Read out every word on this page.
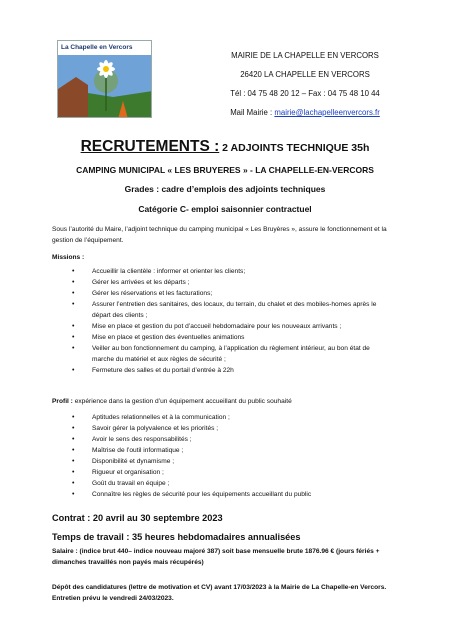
La Chapelle en Vercors
MAIRIE DE LA CHAPELLE EN VERCORS
26420 LA CHAPELLE EN VERCORS
Tél : 04 75 48 20 12 – Fax : 04 75 48 10 44
Mail Mairie : mairie@lachapelleenvercors.fr
RECRUTEMENTS : 2 ADJOINTS TECHNIQUE 35h
CAMPING MUNICIPAL « LES BRUYERES » - LA CHAPELLE-EN-VERCORS
Grades : cadre d’emplois des adjoints techniques
Catégorie C- emploi saisonnier contractuel
Sous l’autorité du Maire, l’adjoint technique du camping municipal « Les Bruyères », assure le fonctionnement et la gestion de l’équipement.
Missions :
• Accueillir la clientèle : informer et orienter les clients;
• Gérer les arrivées et les départs ;
• Gérer les réservations et les facturations;
• Assurer l’entretien des sanitaires, des locaux, du terrain, du chalet et des mobiles-homes après le départ des clients ;
• Mise en place et gestion du pot d’accueil hebdomadaire pour les nouveaux arrivants ;
• Mise en place et gestion des éventuelles animations
• Veiller au bon fonctionnement du camping, à l’application du règlement intérieur, au bon état de marche du matériel et aux règles de sécurité ;
• Fermeture des salles et du portail d’entrée à 22h
Profil : expérience dans la gestion d’un équipement accueillant du public souhaité
• Aptitudes relationnelles et à la communication ;
• Savoir gérer la polyvalence et les priorités ;
• Avoir le sens des responsabilités ;
• Maîtrise de l’outil informatique ;
• Disponibilité et dynamisme ;
• Rigueur et organisation ;
• Goût du travail en équipe ;
• Connaître les règles de sécurité pour les équipements accueillant du public
Contrat : 20 avril au 30 septembre 2023
Temps de travail : 35 heures hebdomadaires annualisées
Salaire : (indice brut 440– indice nouveau majoré 387) soit base mensuelle brute 1876.96 € (jours fériés + dimanches travaillés non payés mais récupérés)
Dépôt des candidatures (lettre de motivation et CV) avant 17/03/2023 à la Mairie de La Chapelle-en Vercors. Entretien prévu le vendredi 24/03/2023.
